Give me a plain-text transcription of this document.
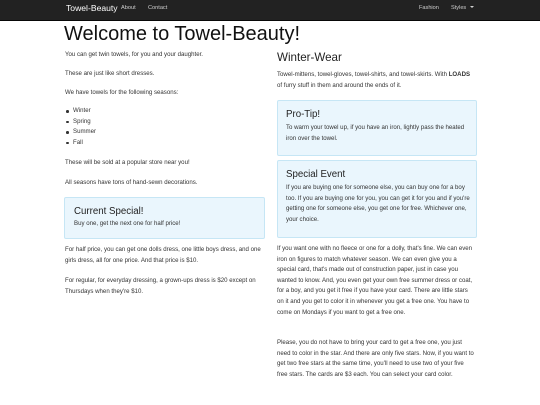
Towel-Beauty About Contact	Fashion Styles
Welcome to Towel-Beauty!

You can get twin towels, for you and your daughter.

These are just like short dresses.

We have towels for the following seasons:

Winter
Spring
Summer
Fall

These will be sold at a popular store near you!

All seasons have tons of hand-sewn decorations.

Current Special!
Buy one, get the next one for half price!

For half price, you can get one dolls dress, one little boys dress, and one girls dress, all for one price. And that price is $10.

For regular, for everyday dressing, a grown-ups dress is $20 except on Thursdays when they're $10.

Winter-Wear

Towel-mittens, towel-gloves, towel-shirts, and towel-skirts. With LOADS of furry stuff in them and around the ends of it.

Pro-Tip!
To warm your towel up, if you have an iron, lightly pass the heated iron over the towel.
Special Event
If you are buying one for someone else, you can buy one for a boy too. If you are buying one for you, you can get it for you and if you're getting one for someone else, you get one for free. Whichever one, your choice.

If you want one with no fleece or one for a dolly, that's fine. We can even iron on figures to match whatever season. We can even give you a special card, that's made out of construction paper, just in case you wanted to know. And, you even get your own free summer dress or coat, for a boy, and you get it free if you have your card. There are little stars on it and you get to color it in whenever you get a free one. You have to come on Mondays if you want to get a free one.

Please, you do not have to bring your card to get a free one, you just need to color in the star. And there are only five stars. Now, if you want to get two free stars at the same time, you'll need to use two of your five free stars. The cards are $3 each. You can select your card color.
